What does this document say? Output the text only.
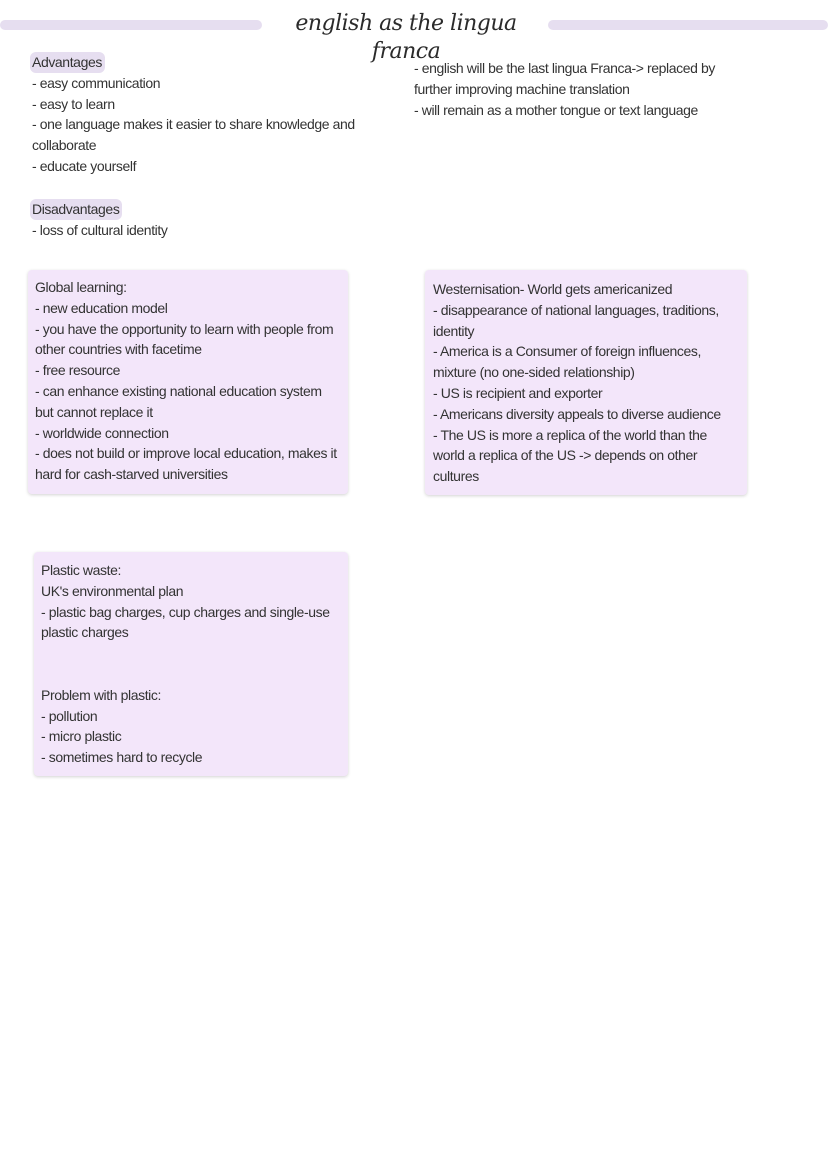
english as the lingua franca
Advantages
- easy communication
- easy to learn
- one language makes it easier to share knowledge and collaborate
- educate yourself
Disadvantages
- loss of cultural identity
- english will be the last lingua Franca-> replaced by further improving machine translation
- will remain as a mother tongue or text language
Global learning:
- new education model
- you have the opportunity to learn with people from other countries with facetime
- free resource
- can enhance existing national education system but cannot replace it
- worldwide connection
- does not build or improve local education, makes it hard for cash-starved universities
Westernisation- World gets americanized
- disappearance of national languages, traditions, identity
- America is a Consumer of foreign influences, mixture (no one-sided relationship)
- US is recipient and exporter
- Americans diversity appeals to diverse audience
- The US is more a replica of the world than the world a replica of the US -> depends on other cultures
Plastic waste:
UK's environmental plan
- plastic bag charges, cup charges and single-use plastic charges
Problem with plastic:
- pollution
- micro plastic
- sometimes hard to recycle
